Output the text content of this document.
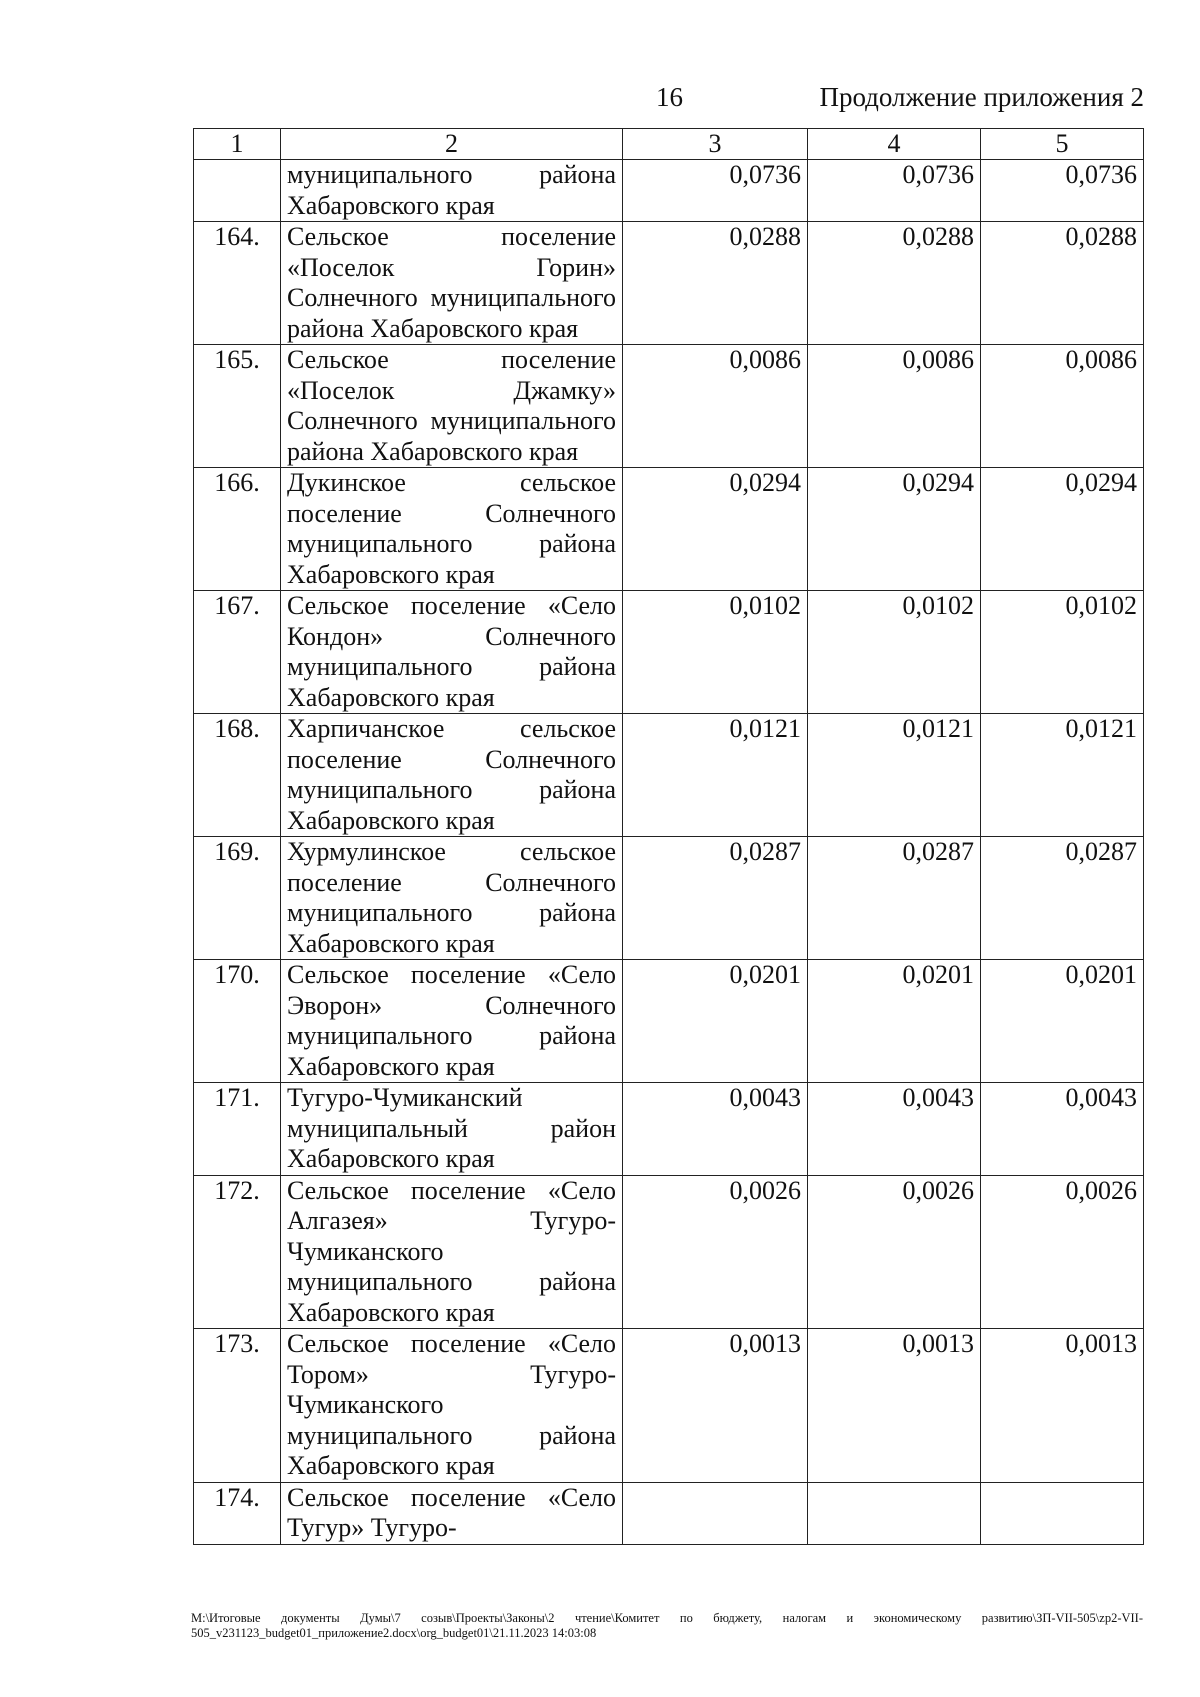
16	Продолжение приложения 2
1	2	3	4	5
	муниципального района Хабаровского края	0,0736	0,0736	0,0736
164.	Сельское поселение «Поселок Горин» Солнечного муниципального района Хабаровского края	0,0288	0,0288	0,0288
165.	Сельское поселение «Поселок Джамку» Солнечного муниципального района Хабаровского края	0,0086	0,0086	0,0086
166.	Дукинское сельское поселение Солнечного муниципального района Хабаровского края	0,0294	0,0294	0,0294
167.	Сельское поселение «Село Кондон» Солнечного муниципального района Хабаровского края	0,0102	0,0102	0,0102
168.	Харпичанское сельское поселение Солнечного муниципального района Хабаровского края	0,0121	0,0121	0,0121
169.	Хурмулинское сельское поселение Солнечного муниципального района Хабаровского края	0,0287	0,0287	0,0287
170.	Сельское поселение «Село Эворон» Солнечного муниципального района Хабаровского края	0,0201	0,0201	0,0201
171.	Тугуро-Чумиканский муниципальный район Хабаровского края	0,0043	0,0043	0,0043
172.	Сельское поселение «Село Алгазея» Тугуро-Чумиканского муниципального района Хабаровского края	0,0026	0,0026	0,0026
173.	Сельское поселение «Село Тором» Тугуро-Чумиканского муниципального района Хабаровского края	0,0013	0,0013	0,0013
174.	Сельское поселение «Село Тугур» Тугуро-			
M:\Итоговые документы Думы\7 созыв\Проекты\Законы\2 чтение\Комитет по бюджету, налогам и экономическому развитию\ЗП-VII-505\zp2-VII-505_v231123_budget01_приложение2.docx\org_budget01\21.11.2023 14:03:08
